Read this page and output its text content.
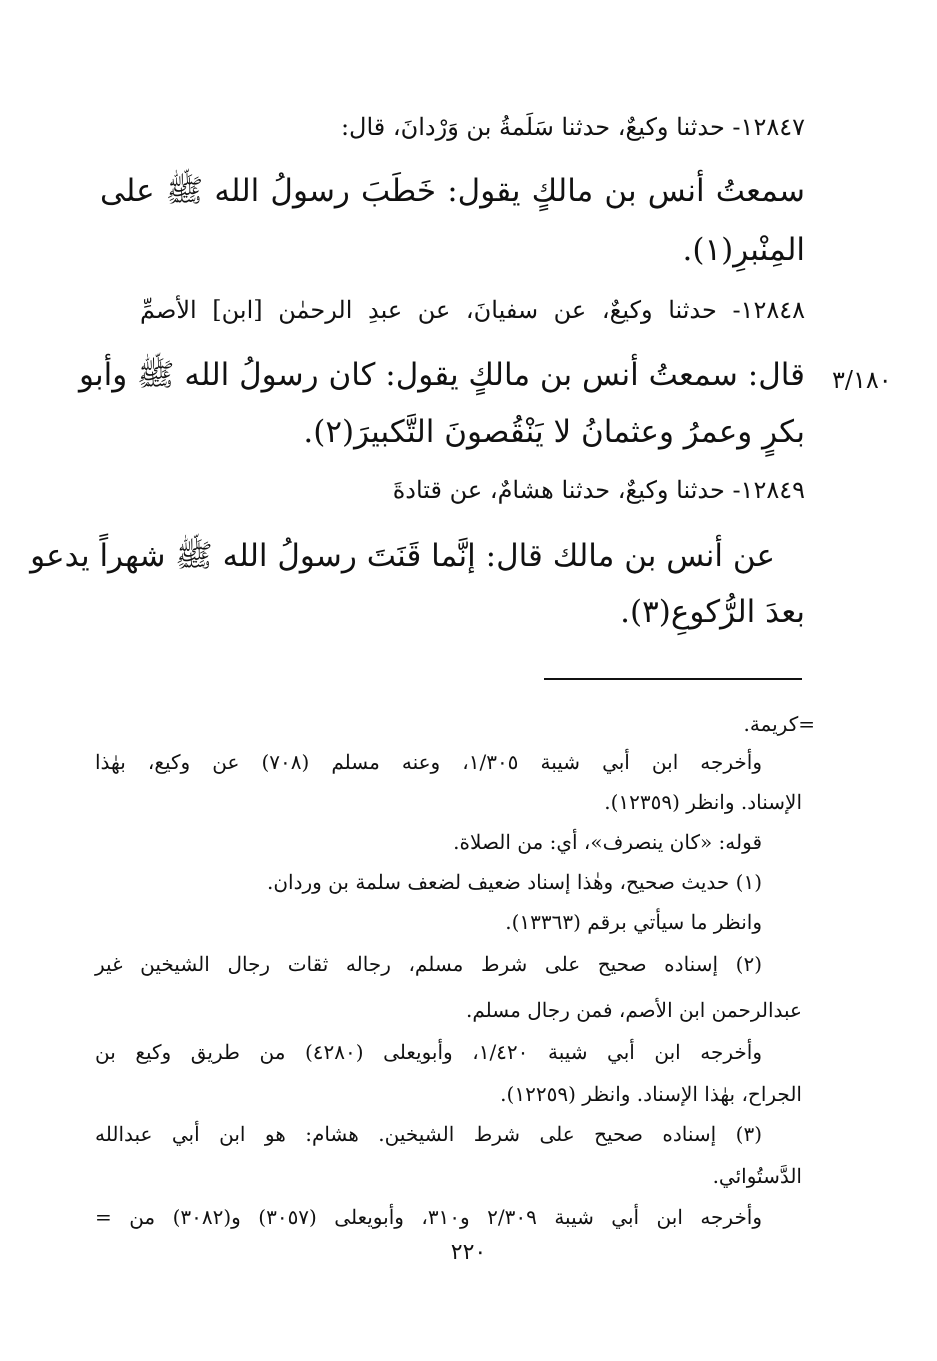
١٢٨٤٧- حدثنا وكيعٌ، حدثنا سَلَمةُ بن وَرْدانَ، قال:
سمعتُ أنس بن مالكٍ يقول: خَطَبَ رسولُ الله ﷺ على
المِنْبرِ(١).
١٢٨٤٨- حدثنا وكيعٌ، عن سفيانَ، عن عبدِ الرحمٰن [ابن] الأصمِّ
قال: سمعتُ أنس بن مالكٍ يقول: كان رسولُ الله ﷺ وأبو ٣/١٨٠
بكرٍ وعمرُ وعثمانُ لا يَنْقُصونَ التَّكبيرَ(٢).
١٢٨٤٩- حدثنا وكيعٌ، حدثنا هشامٌ، عن قتادةَ
عن أنس بن مالك قال: إنَّما قَنَتَ رسولُ الله ﷺ شهراً يدعو
بعدَ الرُّكوعِ(٣).
=كريمة.
وأخرجه ابن أبي شيبة ١/٣٠٥، وعنه مسلم (٧٠٨) عن وكيع، بهٰذا
الإسناد. وانظر (١٢٣٥٩).
قوله: «كان ينصرف»، أي: من الصلاة.
(١) حديث صحيح، وهٰذا إسناد ضعيف لضعف سلمة بن وردان.
وانظر ما سيأتي برقم (١٣٣٦٣).
(٢) إسناده صحيح على شرط مسلم، رجاله ثقات رجال الشيخين غير
عبدالرحمن ابن الأصم، فمن رجال مسلم.
وأخرجه ابن أبي شيبة ١/٤٢٠، وأبويعلى (٤٢٨٠) من طريق وكيع بن
الجراح، بهٰذا الإسناد. وانظر (١٢٢٥٩).
(٣) إسناده صحيح على شرط الشيخين. هشام: هو ابن أبي عبدالله
الدَّستُوائي.
وأخرجه ابن أبي شيبة ٢/٣٠٩ و٣١٠، وأبويعلى (٣٠٥٧) و(٣٠٨٢) من =
٢٢٠
